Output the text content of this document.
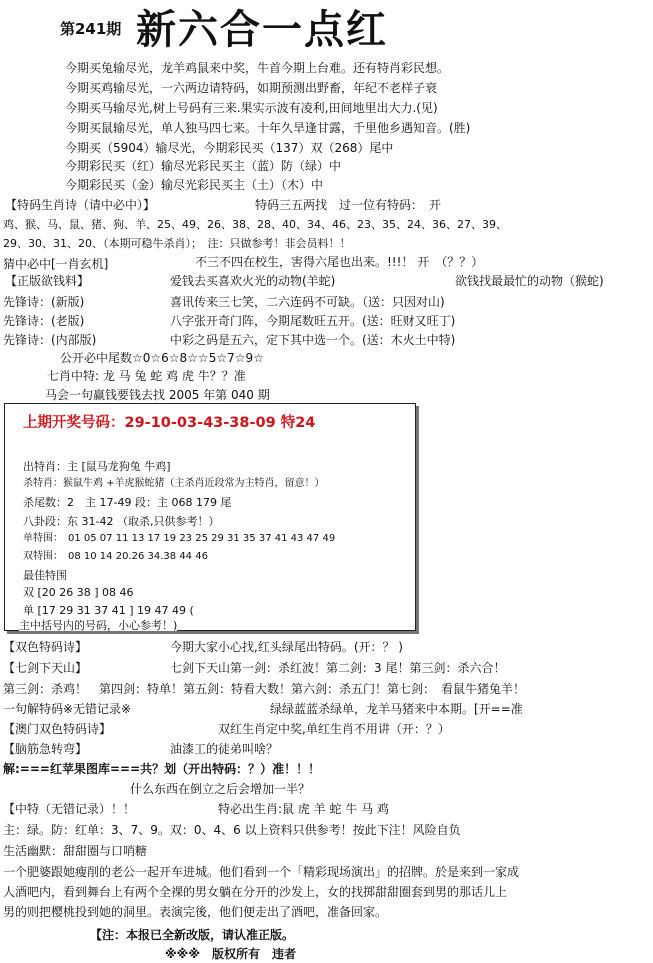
第241期 新六合一点红
今期买兔输尽光，龙羊鸡鼠来中奖，牛首今期上台难。还有特肖彩民想。
今期买鸡输尽光，一六两边请特码，如期预测出野畜，年纪不老样子衰
今期买马输尽光,树上号码有三来.果实示波有凌利,田间地里出大力.(见)
今期买鼠输尽光，单人独马四七来。十年久旱逢甘露，千里他乡遇知音。(胜)
今期买（5904）输尽光，今期彩民买（137）双（268）尾中
今期彩民买（红）输尽光彩民买主（蓝）防（绿）中
今期彩民买（金）输尽光彩民买主（土）（木）中
【特码生肖诗（请中必中）】	特码三五两找　过一位有特码：　开
鸡、猴、马、鼠、猪、狗、羊、25、49、26、38、28、40、34、46、23、35、24、36、27、39、
29、30、31、20、（本期可稳牛杀肖）；　注：只做参考！非会员料！！
猜中必中[一肖玄机]	不三不四在校生，害得六尾也出来。!!!！ 开　（？？）
【正版欲钱料】	爱钱去买喜欢火光的动物(羊蛇)	欲钱找最最忙的动物（猴蛇)
先锋诗：(新版)	喜讯传来三七笑，二六连码不可缺。（送：只因对山)
先锋诗：(老版)	八字张开奇门阵，今期尾数旺五开。(送：旺财又旺丁)
先锋诗：(内部版)	中彩之码是五六，定下其中选一个。(送：木火土中特)
公开必中尾数☆0☆6☆8☆☆5☆7☆9☆
七肖中特: 龙 马 兔 蛇 鸡 虎 牛？？准
马会一句赢钱要钱去找 2005 年第 040 期
上期开奖号码：29-10-03-43-38-09 特24
出特肖：主 [鼠马龙狗兔 牛鸡]
杀特肖：猴鼠牛鸡 +羊虎猴蛇猪（主杀肖近段常为主特肖，留意！）
杀尾数：2　主 17-49 段：主 068 179 尾
八卦段：东 31-42 （取杀,只供参考！）
单特围：　01 05 07 11 13 17 19 23 25 29 31 35 37 41 43 47 49
双特围：　08 10 14 20.26 34.38 44 46
最佳特围
双 [20 26 38 ] 08 46
单 [17 29 31 37 41 ] 19 47 49 (
主中括号内的号码，小心参考！)
【双色特码诗】	今期大家小心找,红头绿尾出特码。(开：？ )
【七剑下天山】	七剑下天山第一剑：杀红波！第二剑：3 尾！第三剑：杀六合！
第三剑：杀鸡！　第四剑：特单！第五剑：特看大数！第六剑：杀五门！第七剑：　看鼠牛猪兔羊！
一句解特码※无错记录※	绿绿蓝蓝杀绿单，龙羊马猪来中本期。[开==准
【澳门双色特码诗】	双红生肖定中奖,单红生肖不用讲（开：？）
【脑筋急转弯】	油漆工的徒弟叫啥？
解:===红苹果图库===共？划（开出特码：？）准！！！
什么东西在倒立之后会增加一半？
【中特（无错记录）！！	特必出生肖:鼠 虎 羊 蛇 牛 马 鸡
主：绿。防：红单：3、7、9。双：0、4、6 以上资料只供参考！按此下注！风险自负
生活幽默：甜甜圈与口哨糖
一个肥婆跟她瘦削的老公一起开车进城。他们看到一个「精彩现场演出」的招牌。於是来到一家成
人酒吧内，看到舞台上有两个全裸的男女躺在分开的沙发上，女的找掷甜甜圈套到男的那话儿上
男的则把樱桃投到她的洞里。表演完後，他们便走出了酒吧，准备回家。
【注：本报已全新改版，请认准正版。
※※※　版权所有　违者
